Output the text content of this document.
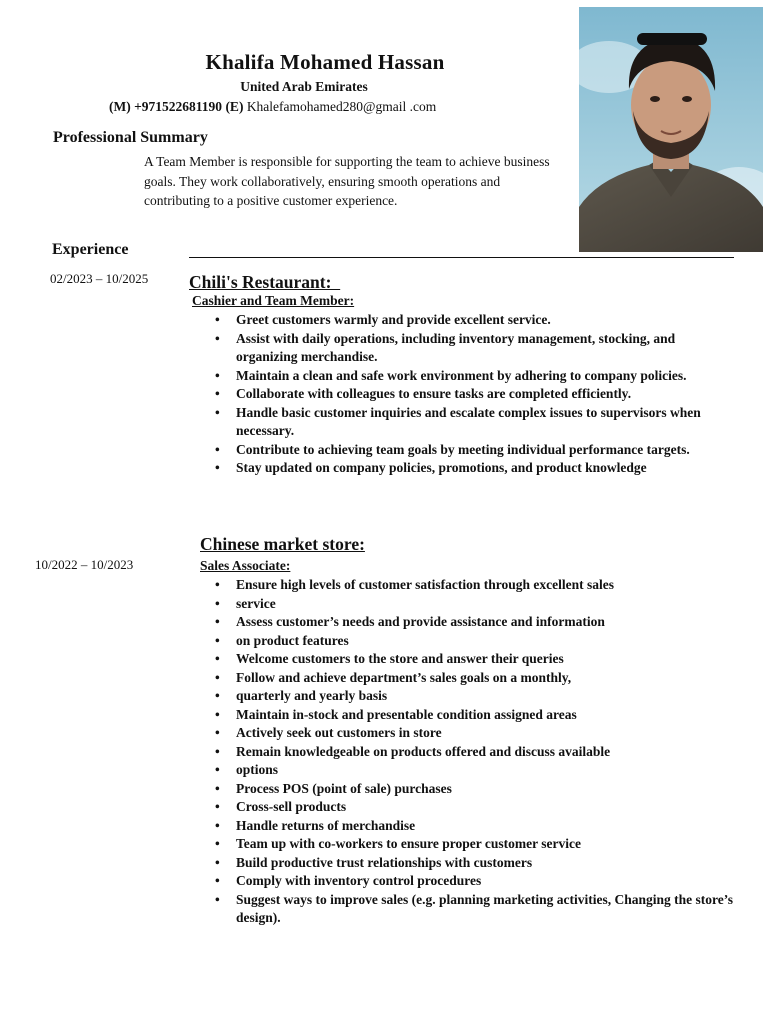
Khalifa Mohamed Hassan
United Arab Emirates
(M) +971522681190 (E) Khalefamohamed280@gmail .com
Professional Summary
A Team Member is responsible for supporting the team to achieve business goals. They work collaboratively, ensuring smooth operations and contributing to a positive customer experience.
Experience
02/2023 – 10/2025 Chili's Restaurant:
Cashier and Team Member:
• Greet customers warmly and provide excellent service.
• Assist with daily operations, including inventory management, stocking, and organizing merchandise.
• Maintain a clean and safe work environment by adhering to company policies.
• Collaborate with colleagues to ensure tasks are completed efficiently.
• Handle basic customer inquiries and escalate complex issues to supervisors when necessary.
• Contribute to achieving team goals by meeting individual performance targets.
• Stay updated on company policies, promotions, and product knowledge
Chinese market store:
10/2022 – 10/2023	Sales Associate:
• Ensure high levels of customer satisfaction through excellent sales
• service
• Assess customer’s needs and provide assistance and information
• on product features
• Welcome customers to the store and answer their queries
• Follow and achieve department’s sales goals on a monthly,
• quarterly and yearly basis
• Maintain in-stock and presentable condition assigned areas
• Actively seek out customers in store
• Remain knowledgeable on products offered and discuss available
• options
• Process POS (point of sale) purchases
• Cross-sell products
• Handle returns of merchandise
• Team up with co-workers to ensure proper customer service
• Build productive trust relationships with customers
• Comply with inventory control procedures
• Suggest ways to improve sales (e.g. planning marketing activities, Changing the store’s design).
